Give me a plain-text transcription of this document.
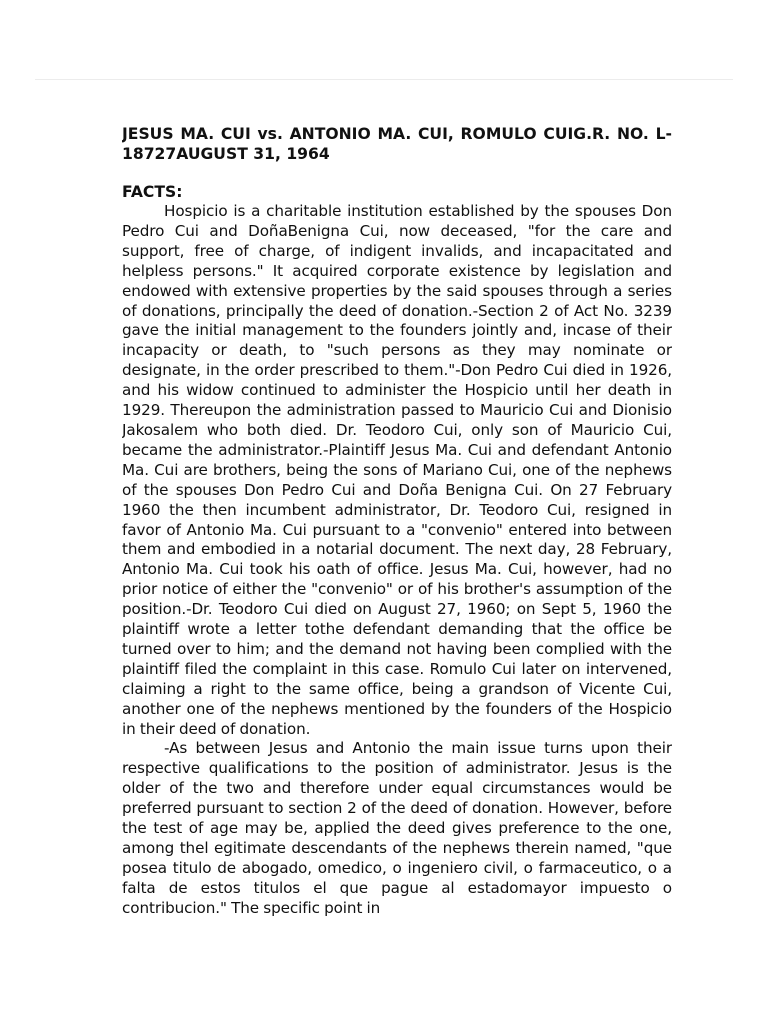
JESUS MA. CUI vs. ANTONIO MA. CUI, ROMULO CUIG.R. NO. L-18727AUGUST 31, 1964
FACTS:

Hospicio is a charitable institution established by the spouses Don Pedro Cui and DoñaBenigna Cui, now deceased, "for the care and support, free of charge, of indigent invalids, and incapacitated and helpless persons." It acquired corporate existence by legislation and endowed with extensive properties by the said spouses through a series of donations, principally the deed of donation.-Section 2 of Act No. 3239 gave the initial management to the founders jointly and, incase of their incapacity or death, to "such persons as they may nominate or designate, in the order prescribed to them."-Don Pedro Cui died in 1926, and his widow continued to administer the Hospicio until her death in 1929. Thereupon the administration passed to Mauricio Cui and Dionisio Jakosalem who both died. Dr. Teodoro Cui, only son of Mauricio Cui, became the administrator.-Plaintiff Jesus Ma. Cui and defendant Antonio Ma. Cui are brothers, being the sons of Mariano Cui, one of the nephews of the spouses Don Pedro Cui and Doña Benigna Cui. On 27 February 1960 the then incumbent administrator, Dr. Teodoro Cui, resigned in favor of Antonio Ma. Cui pursuant to a "convenio" entered into between them and embodied in a notarial document. The next day, 28 February, Antonio Ma. Cui took his oath of office. Jesus Ma. Cui, however, had no prior notice of either the "convenio" or of his brother's assumption of the position.-Dr. Teodoro Cui died on August 27, 1960; on Sept 5, 1960 the plaintiff wrote a letter tothe defendant demanding that the office be turned over to him; and the demand not having been complied with the plaintiff filed the complaint in this case. Romulo Cui later on intervened, claiming a right to the same office, being a grandson of Vicente Cui, another one of the nephews mentioned by the founders of the Hospicio in their deed of donation.

-As between Jesus and Antonio the main issue turns upon their respective qualifications to the position of administrator. Jesus is the older of the two and therefore under equal circumstances would be preferred pursuant to section 2 of the deed of donation. However, before the test of age may be, applied the deed gives preference to the one, among thel egitimate descendants of the nephews therein named, "que posea titulo de abogado, omedico, o ingeniero civil, o farmaceutico, o a falta de estos titulos el que pague al estadomayor impuesto o contribucion." The specific point in
